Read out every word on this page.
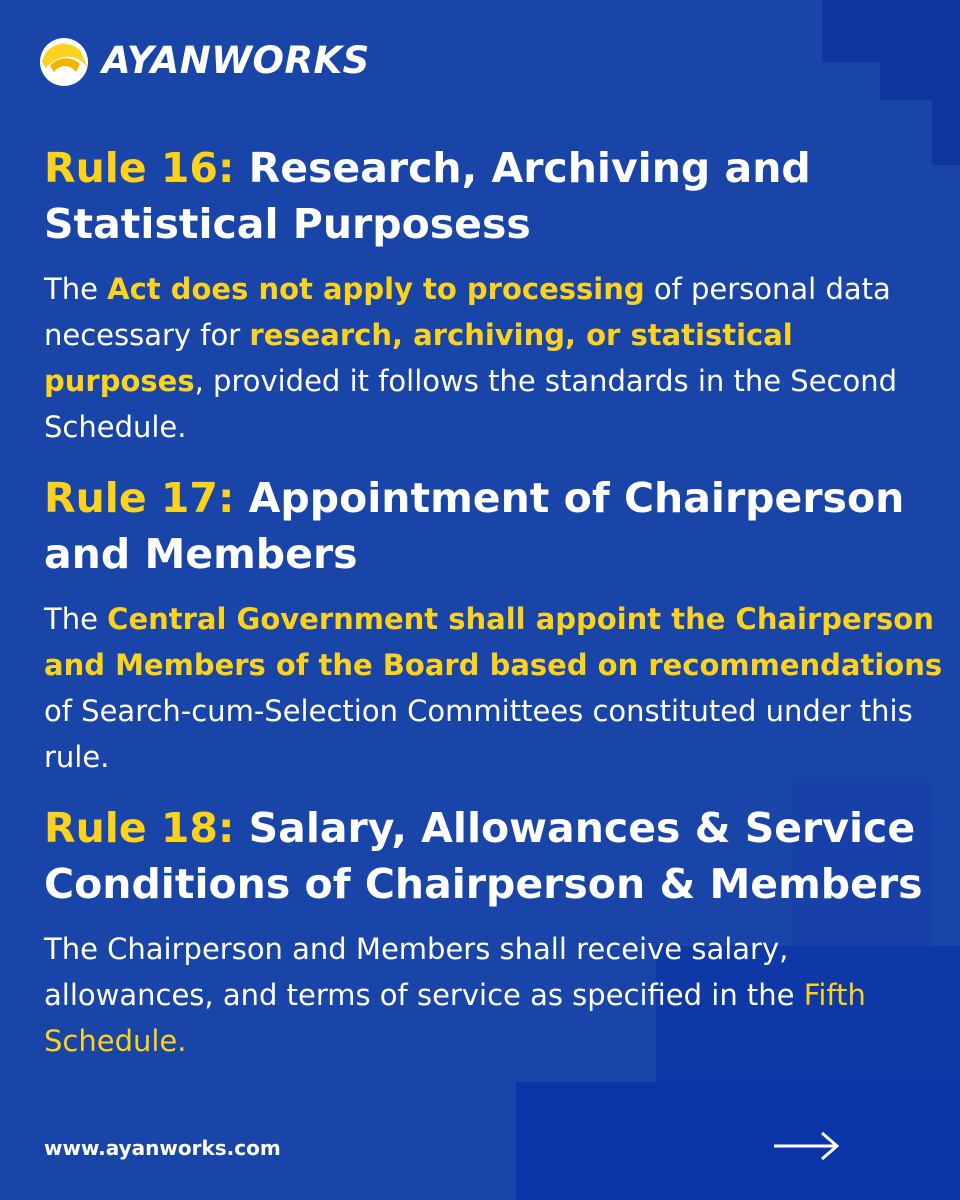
AYANWORKS
Rule 16: Research, Archiving and Statistical Purposess

The Act does not apply to processing of personal data necessary for research, archiving, or statistical purposes, provided it follows the standards in the Second Schedule.

Rule 17: Appointment of Chairperson and Members

The Central Government shall appoint the Chairperson and Members of the Board based on recommendations of Search-cum-Selection Committees constituted under this rule.

Rule 18: Salary, Allowances & Service Conditions of Chairperson & Members

The Chairperson and Members shall receive salary, allowances, and terms of service as specified in the Fifth Schedule.

www.ayanworks.com
